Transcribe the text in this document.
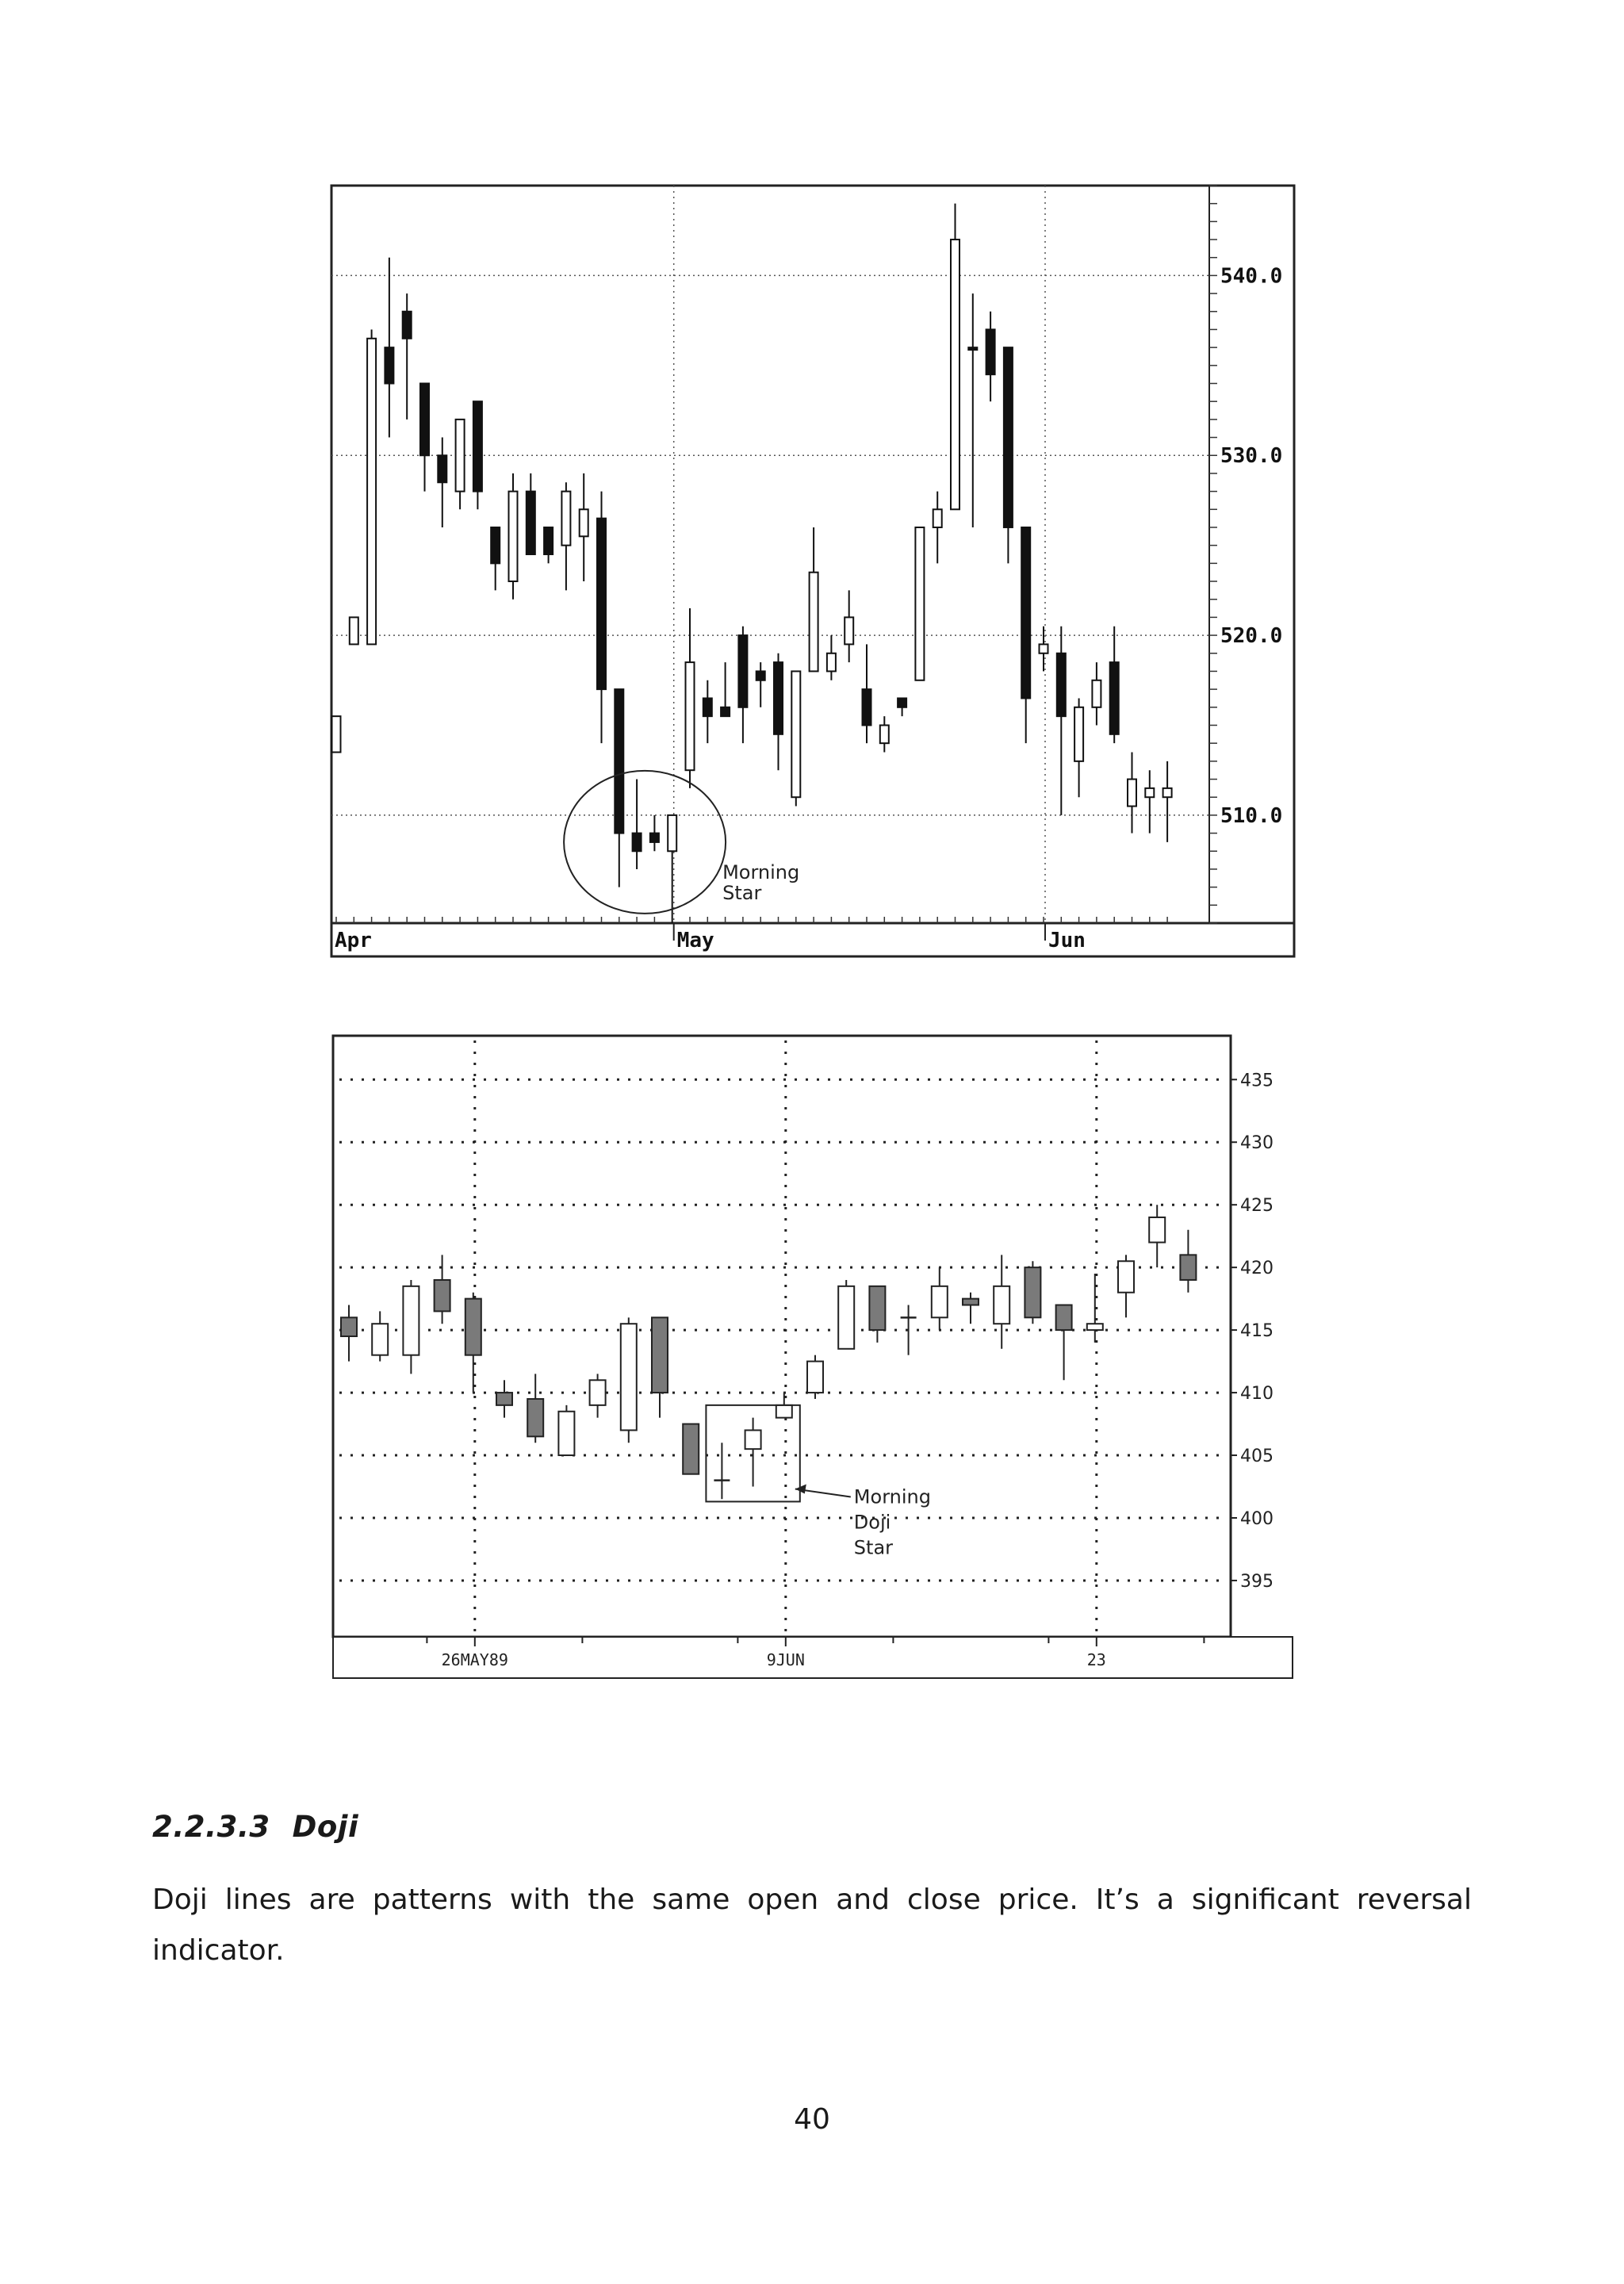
510.0
520.0
530.0
540.0
Apr	May	Jun
Morning
Star
395
400
405
410
415
420
425
430
435
26MAY89	9JUN	23
Morning
Doji
Star
2.2.3.3 Doji
Doji lines are patterns with the same open and close price. It’s a significant reversal indicator.
40
